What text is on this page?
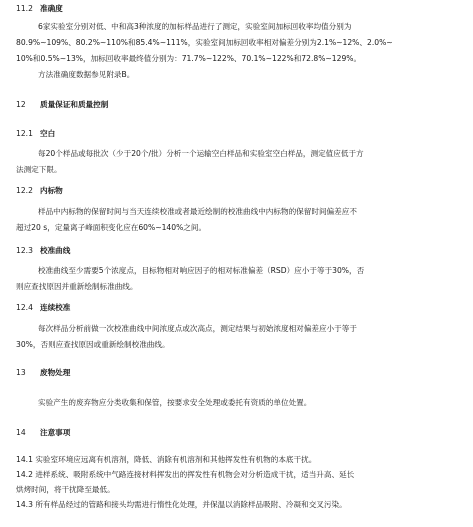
11.2 准确度
6家实验室分别对低、中和高3种浓度的加标样品进行了测定，实验室间加标回收率均值分别为
80.9%~109%、80.2%~110%和85.4%~111%，实验室间加标回收率相对偏差分别为2.1%~12%、2.0%~
10%和0.5%~13%，加标回收率最终值分别为：71.7%~122%、70.1%~122%和72.8%~129%。
方法准确度数据参见附录B。
12 质量保证和质量控制
12.1 空白
每20个样品或每批次（少于20个/批）分析一个运输空白样品和实验室空白样品，测定值应低于方
法测定下限。
12.2 内标物
样品中内标物的保留时间与当天连续校准或者最近绘制的校准曲线中内标物的保留时间偏差应不
超过20 s，定量离子峰面积变化应在60%~140%之间。
12.3 校准曲线
校准曲线至少需要5个浓度点，目标物相对响应因子的相对标准偏差（RSD）应小于等于30%，否
则应查找原因并重新绘制标准曲线。
12.4 连续校准
每次样品分析前做一次校准曲线中间浓度点或次高点，测定结果与初始浓度相对偏差应小于等于
30%，否则应查找原因或重新绘制校准曲线。
13 废物处理
实验产生的废弃物应分类收集和保管，按要求安全处理或委托有资质的单位处置。
14 注意事项
14.1 实验室环境应远离有机溶剂，降低、消除有机溶剂和其他挥发性有机物的本底干扰。
14.2 进样系统、吸附系统中气路连接材料挥发出的挥发性有机物会对分析造成干扰，适当升高、延长
烘烤时间，将干扰降至最低。
14.3 所有样品经过的管路和接头均需进行惰性化处理，并保温以消除样品吸附、冷凝和交叉污染。
